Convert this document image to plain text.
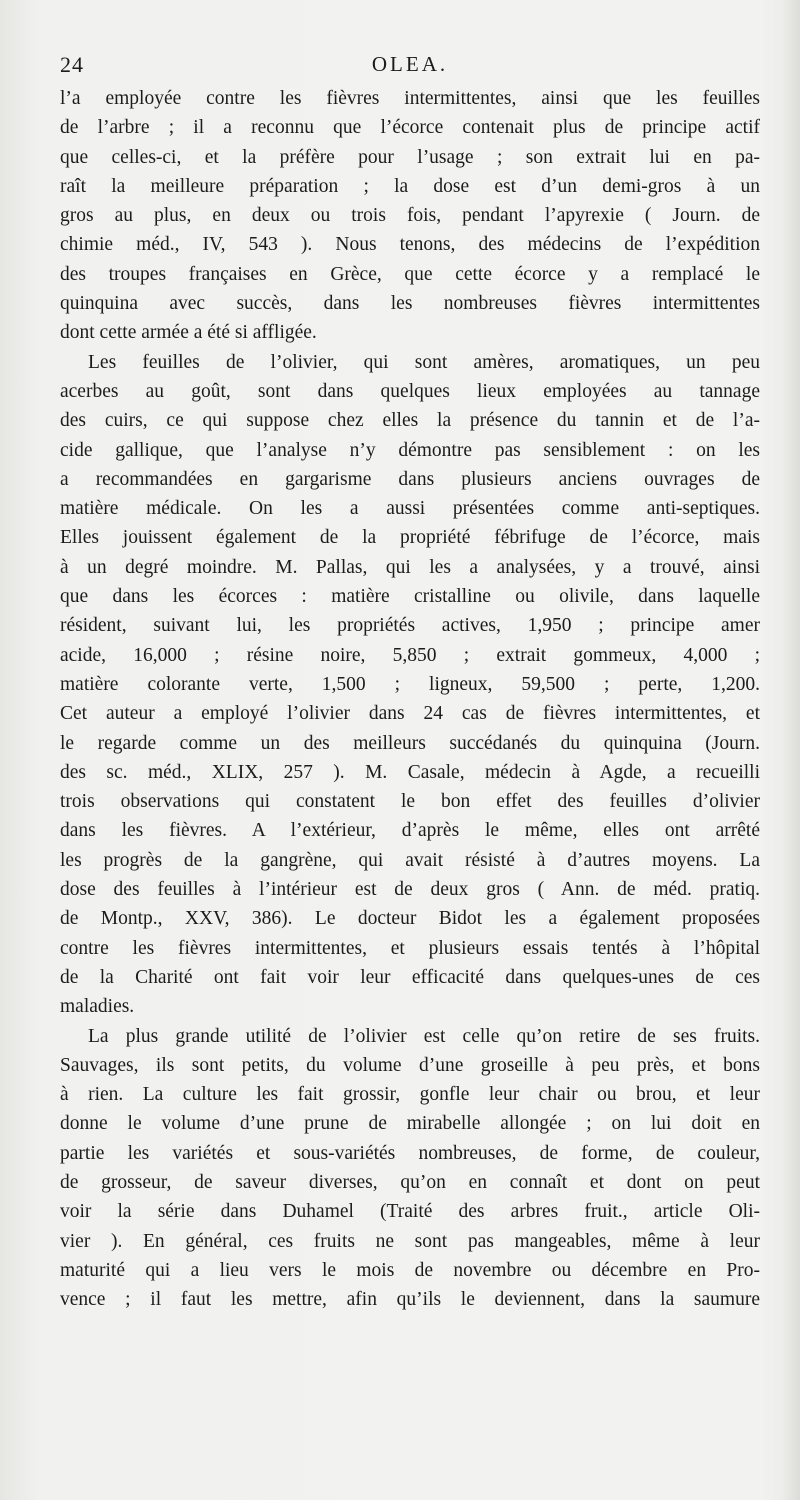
24	OLEA.
l’a employée contre les fièvres intermittentes, ainsi que les feuilles
de l’arbre ; il a reconnu que l’écorce contenait plus de principe actif
que celles-ci, et la préfère pour l’usage ; son extrait lui en pa-
raît la meilleure préparation ; la dose est d’un demi-gros à un
gros au plus, en deux ou trois fois, pendant l’apyrexie ( Journ. de
chimie méd., IV, 543 ). Nous tenons, des médecins de l’expédition
des troupes françaises en Grèce, que cette écorce y a remplacé le
quinquina avec succès, dans les nombreuses fièvres intermittentes
dont cette armée a été si affligée.
Les feuilles de l’olivier, qui sont amères, aromatiques, un peu
acerbes au goût, sont dans quelques lieux employées au tannage
des cuirs, ce qui suppose chez elles la présence du tannin et de l’a-
cide gallique, que l’analyse n’y démontre pas sensiblement : on les
a recommandées en gargarisme dans plusieurs anciens ouvrages de
matière médicale. On les a aussi présentées comme anti-septiques.
Elles jouissent également de la propriété fébrifuge de l’écorce, mais
à un degré moindre. M. Pallas, qui les a analysées, y a trouvé, ainsi
que dans les écorces : matière cristalline ou olivile, dans laquelle
résident, suivant lui, les propriétés actives, 1,950 ; principe amer
acide, 16,000 ; résine noire, 5,850 ; extrait gommeux, 4,000 ;
matière colorante verte, 1,500 ; ligneux, 59,500 ; perte, 1,200.
Cet auteur a employé l’olivier dans 24 cas de fièvres intermittentes, et
le regarde comme un des meilleurs succédanés du quinquina (Journ.
des sc. méd., XLIX, 257 ). M. Casale, médecin à Agde, a recueilli
trois observations qui constatent le bon effet des feuilles d’olivier
dans les fièvres. A l’extérieur, d’après le même, elles ont arrêté
les progrès de la gangrène, qui avait résisté à d’autres moyens. La
dose des feuilles à l’intérieur est de deux gros ( Ann. de méd. pratiq.
de Montp., XXV, 386). Le docteur Bidot les a également proposées
contre les fièvres intermittentes, et plusieurs essais tentés à l’hôpital
de la Charité ont fait voir leur efficacité dans quelques-unes de ces
maladies.
La plus grande utilité de l’olivier est celle qu’on retire de ses fruits.
Sauvages, ils sont petits, du volume d’une groseille à peu près, et bons
à rien. La culture les fait grossir, gonfle leur chair ou brou, et leur
donne le volume d’une prune de mirabelle allongée ; on lui doit en
partie les variétés et sous-variétés nombreuses, de forme, de couleur,
de grosseur, de saveur diverses, qu’on en connaît et dont on peut
voir la série dans Duhamel (Traité des arbres fruit., article Oli-
vier ). En général, ces fruits ne sont pas mangeables, même à leur
maturité qui a lieu vers le mois de novembre ou décembre en Pro-
vence ; il faut les mettre, afin qu’ils le deviennent, dans la saumure
